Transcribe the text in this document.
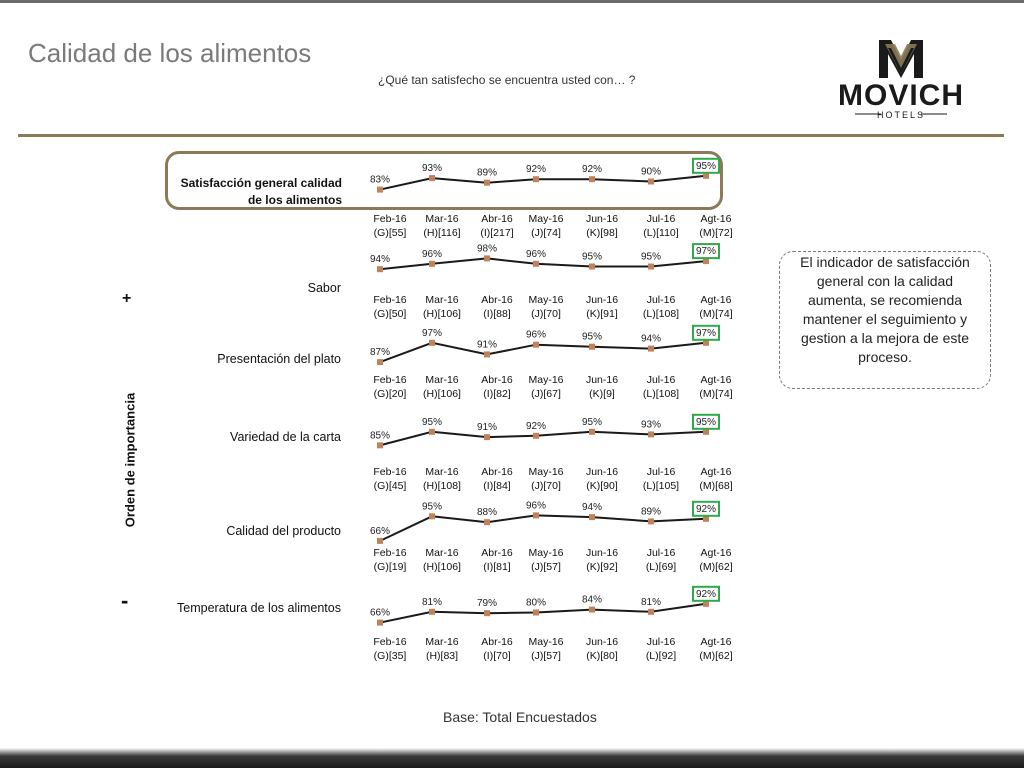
Calidad de los alimentos
¿Qué tan satisfecho se encuentra usted con… ?	MOVICH
HOTELS
Satisfacción general calidad de los alimentos
Sabor
Presentación del plato
Variedad de la carta
Calidad del producto
Temperatura de los alimentos
Orden de importancia
+
-
El indicador de satisfacción general con la calidad aumenta, se recomienda mantener el seguimiento y gestion a la mejora de este proceso.
83%
93%	89%	92%	92%	90%
95%
Feb-16
(G)[55]
Mar-16
(H)[116]
Abr-16
(I)[217]
May-16
(J)[74]
Jun-16
(K)[98]
Jul-16
(L)[110]
Agt-16
(M)[72]
94%	96%	98%	96%	95%	95%	97%
Feb-16
(G)[50]
Mar-16
(H)[106]
Abr-16
(I)[88]
May-16
(J)[70]
Jun-16
(K)[91]
Jul-16
(L)[108]
Agt-16
(M)[74]
87%
97%
91%
96%	95%	94%
97%
Feb-16
(G)[20]
Mar-16
(H)[106]
Abr-16
(I)[82]
May-16
(J)[67]
Jun-16
(K)[9]
Jul-16
(L)[108]
Agt-16
(M)[74]
85%
95%	91%	92%	95%	93%	95%
Feb-16
(G)[45]
Mar-16
(H)[108]
Abr-16
(I)[84]
May-16
(J)[70]
Jun-16
(K)[90]
Jul-16
(L)[105]
Agt-16
(M)[68]
66%
95%
88%
96%	94%	89%	92%
Feb-16
(G)[19]
Mar-16
(H)[106]
Abr-16
(I)[81]
May-16
(J)[57]
Jun-16
(K)[92]
Jul-16
(L)[69]
Agt-16
(M)[62]
66%
81%	79%	80%	84%	81%
92%
Feb-16
(G)[35]
Mar-16
(H)[83]
Abr-16
(I)[70]
May-16
(J)[57]
Jun-16
(K)[80]
Jul-16
(L)[92]
Agt-16
(M)[62]
Base: Total Encuestados
